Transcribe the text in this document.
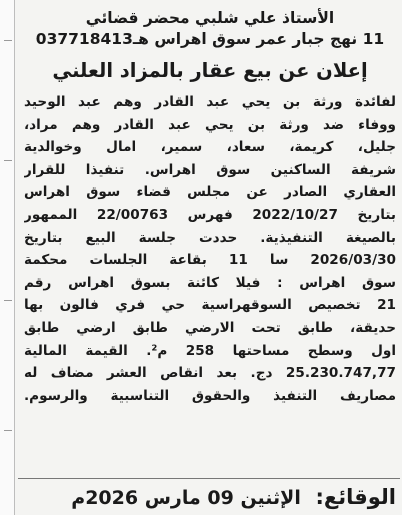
الأستاذ علي شلبي محضر قضائي
11 نهج جبار عمر سوق اهراس هـ037718413
إعلان عن بيع عقار بالمزاد العلني
لفائدة ورثة بن يحي عبد القادر وهم عبد الوحيد
ووفاء ضد ورثة بن يحي عبد القادر وهم مراد،
جليل، كريمة، سعاد، سمير، امال وخوالدية
شريفة الساكنين سوق اهراس. تنفيذا للقرار
العقاري الصادر عن مجلس قضاء سوق اهراس
بتاريخ 2022/10/27 فهرس 22/00763 الممهور
بالصيغة التنفيذية. حددت جلسة البيع بتاريخ
2026/03/30 سا 11 بقاعة الجلسات محكمة
سوق اهراس : فيلا كائنة بسوق اهراس رقم
21 تخصيص السوقهراسية حي فري فالون بها
حديقة، طابق تحت الارضي طابق ارضي طابق
اول وسطح مساحتها 258 م². القيمة المالية
25.230.747,77 دج. بعد انقاص العشر مضاف له
مصاريف التنفيذ والحقوق التناسبية والرسوم.
الوقائع: الإثنين 09 مارس 2026م
